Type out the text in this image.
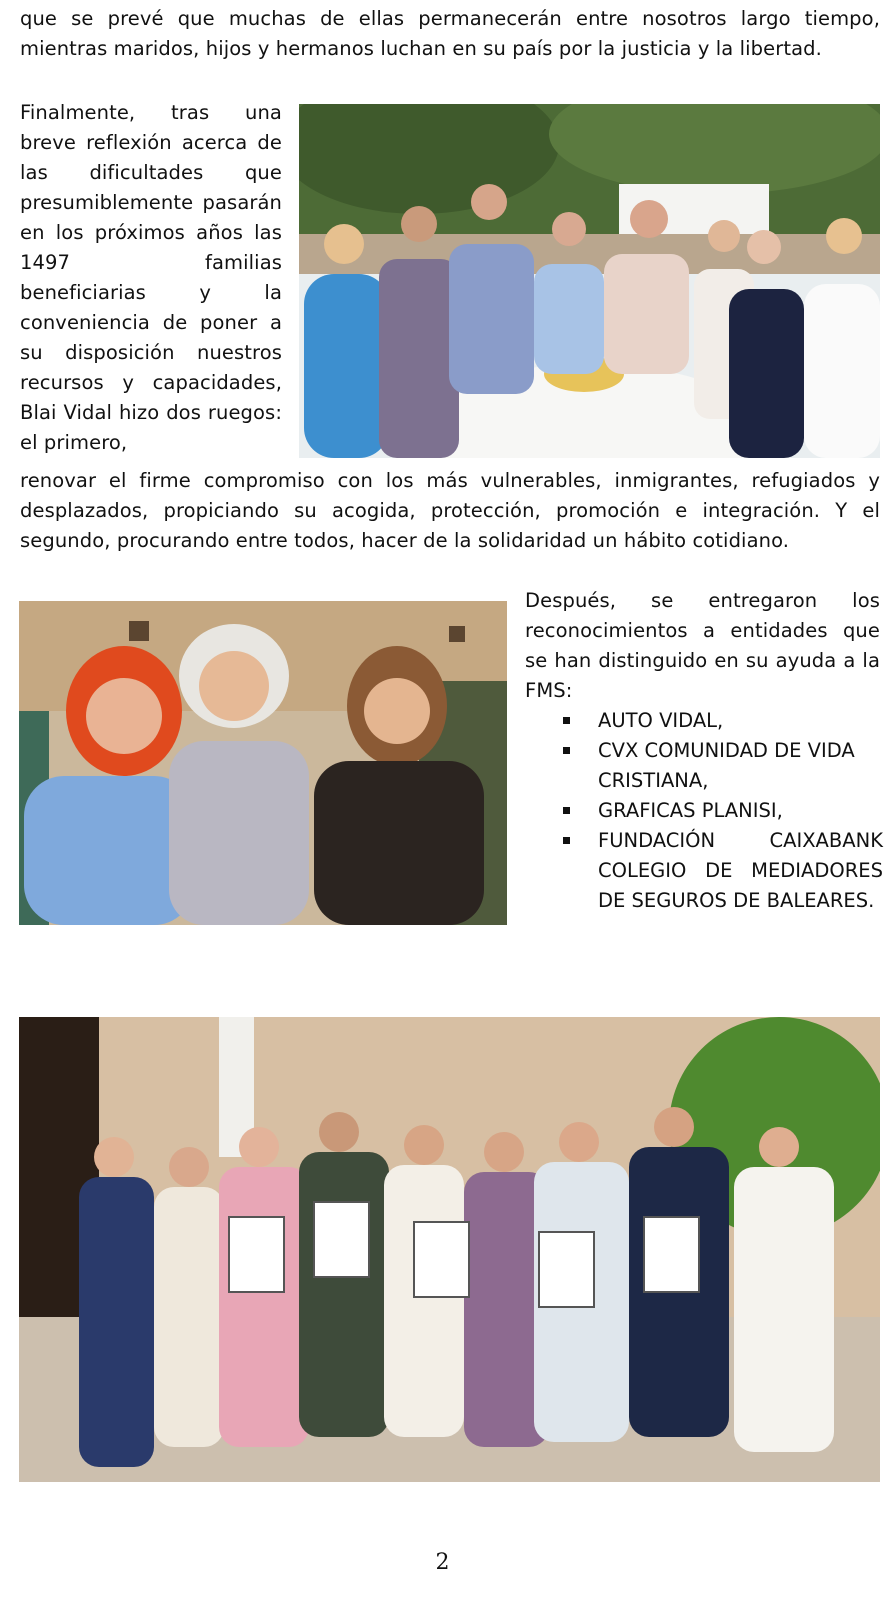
que se prevé que muchas de ellas permanecerán entre nosotros largo tiempo, mientras maridos, hijos y hermanos luchan en su país por la justicia y la libertad.

Finalmente, tras una breve reflexión acerca de las dificultades que presumiblemente pasarán en los próximos años las 1497 familias beneficiarias y la conveniencia de poner a su disposición nuestros recursos y capacidades, Blai Vidal hizo dos ruegos: el primero,

renovar el firme compromiso con los más vulnerables, inmigrantes, refugiados y desplazados, propiciando su acogida, protección, promoción e integración. Y el segundo, procurando entre todos, hacer de la solidaridad un hábito cotidiano.

Después, se entregaron los reconocimientos a entidades que se han distinguido en su ayuda a la FMS:

AUTO VIDAL,
CVX COMUNIDAD DE VIDA CRISTIANA,
GRAFICAS PLANISI,
FUNDACIÓN CAIXABANK COLEGIO DE MEDIADORES DE SEGUROS DE BALEARES.
2
